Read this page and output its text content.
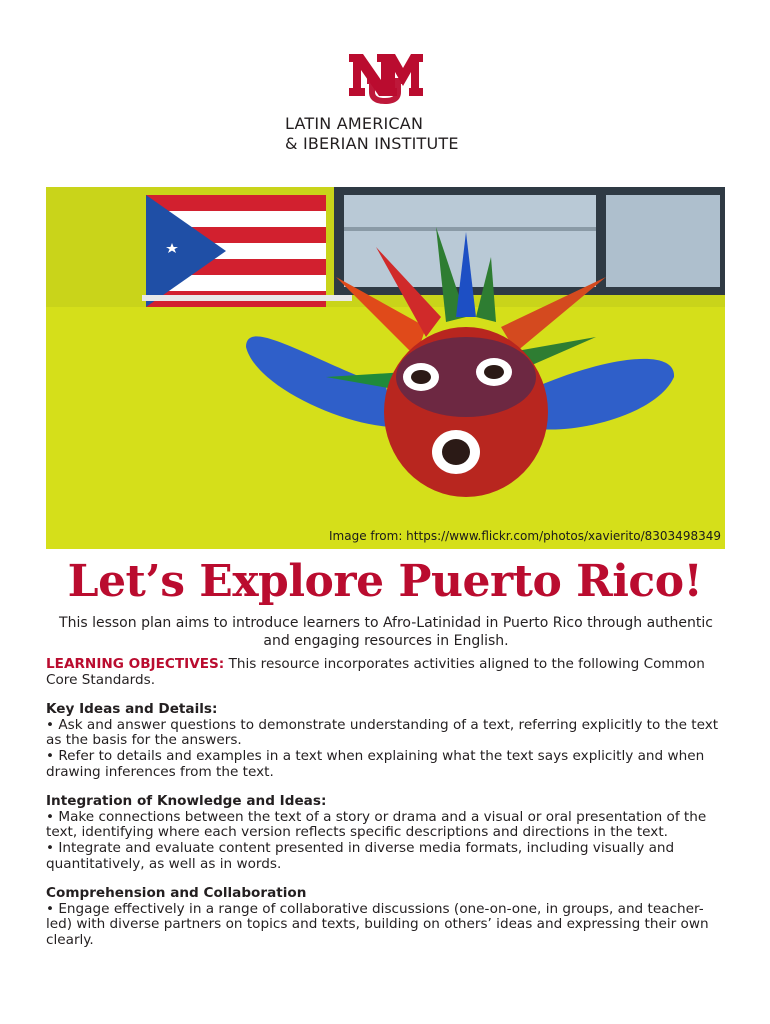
LATIN AMERICAN
& IBERIAN INSTITUTE
Image from: https://www.flickr.com/photos/xavierito/8303498349
Let’s Explore Puerto Rico!
This lesson plan aims to introduce learners to Afro-Latinidad in Puerto Rico through authentic and engaging resources in English.

LEARNING OBJECTIVES: This resource incorporates activities aligned to the following Common Core Standards.

Key Ideas and Details:

• Ask and answer questions to demonstrate understanding of a text, referring explicitly to the text as the basis for the answers.

• Refer to details and examples in a text when explaining what the text says explicitly and when drawing inferences from the text.

Integration of Knowledge and Ideas:

• Make connections between the text of a story or drama and a visual or oral presentation of the text, identifying where each version reflects specific descriptions and directions in the text.

• Integrate and evaluate content presented in diverse media formats, including visually and quantitatively, as well as in words.

Comprehension and Collaboration

• Engage effectively in a range of collaborative discussions (one-on-one, in groups, and teacher-led) with diverse partners on topics and texts, building on others’ ideas and expressing their own clearly.
